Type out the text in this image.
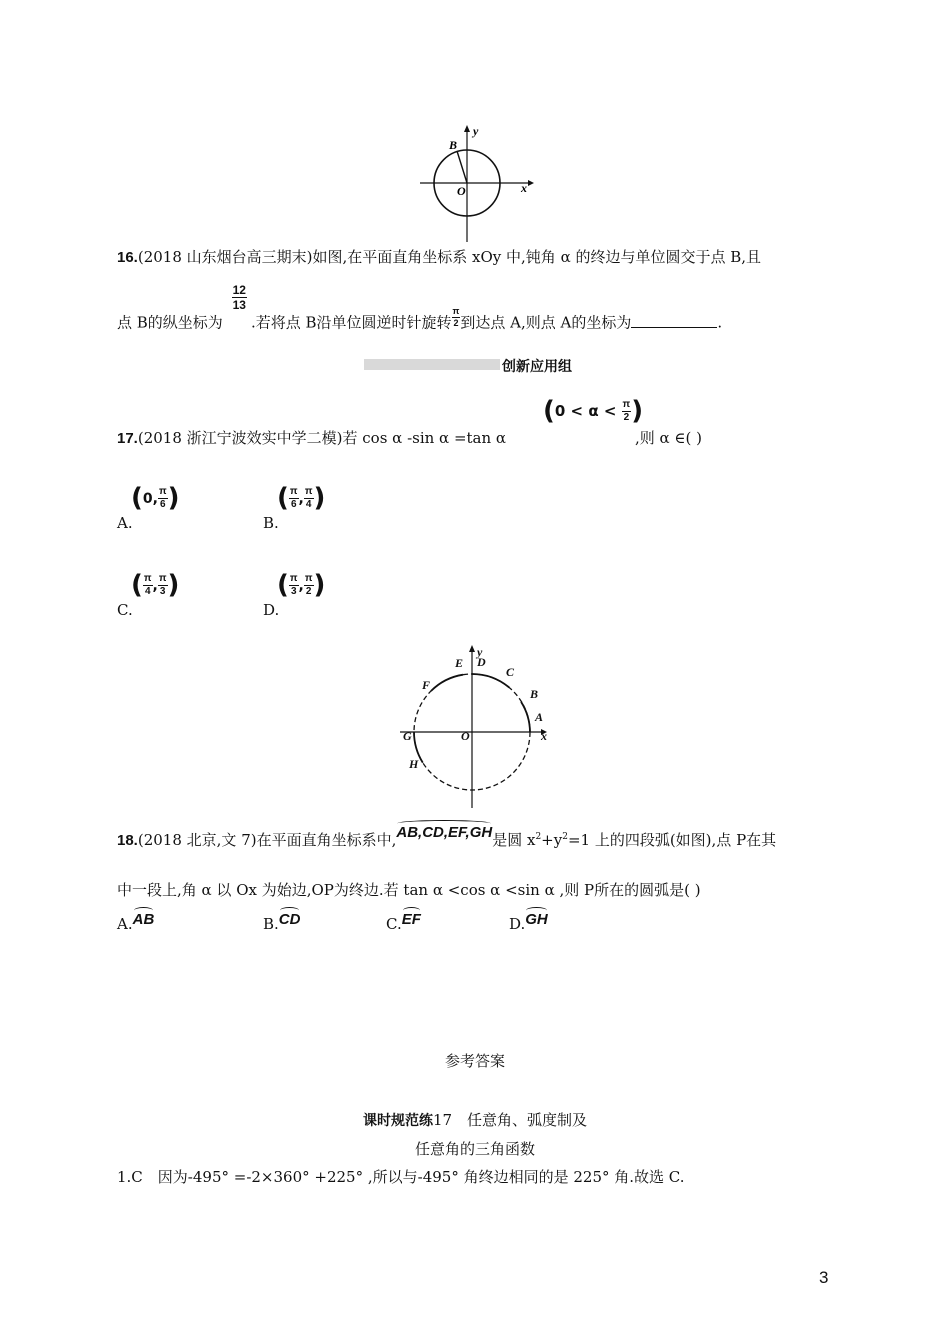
B
y
O	x
16.(2018 山东烟台高三期末)如图,在平面直角坐标系 xOy 中,钝角 α 的终边与单位圆交于点 B,且
点 B的纵坐标为
$\frac{12}{13}$
.若将点 B沿单位圆逆时针旋转 $\frac{\pi}{2}$ 到达点 A,则点 A的坐标为	.
创新应用组
17.(2018 浙江宁波效实中学二模)若 cos α -sin α =tan α
($0 < \alpha < \frac{\pi}{2}$ )
,则 α ∈( )
A.
(0, $\frac{\pi}{6}$ )
B.
( $\frac{\pi}{6}$ , $\frac{\pi}{4}$ )
C.
( $\frac{\pi}{4}$ , $\frac{\pi}{3}$ )
D.
( $\frac{\pi}{3}$ , $\frac{\pi}{2}$ )
y
E D
C
F
B
A
G	O	x
H
18.(2018 北京,文 7)在平面直角坐标系中,AB,CD,EF,GH是圆 $x^2+y^2=1$ 上的四段弧(如图),点 P在其
中一段上,角 α 以 Ox 为始边,OP为终边.若 tan α <cos α <sin α ,则 P所在的圆弧是( )
A.AB	B.CD	C.EF	D.GH
参考答案
课时规范练17　任意角、弧度制及
任意角的三角函数
1.C　因为-495° =-2×360° +225° ,所以与-495° 角终边相同的是 225° 角.故选 C.
3
